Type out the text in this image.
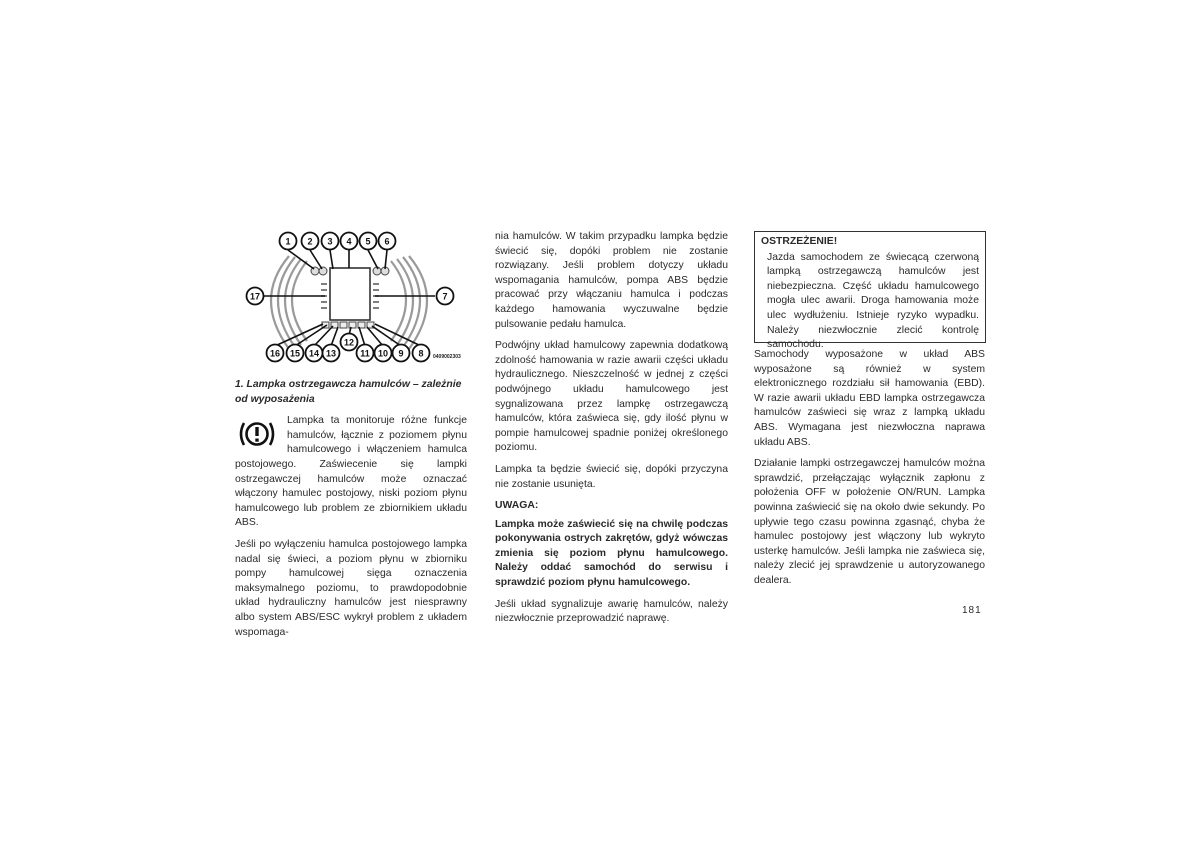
1 2 3 4 5 6
17	7
16 15 14 13
12
11 10 9 8 0409002303

1. Lampka ostrzegawcza hamulców – zależnie od wyposażenia

Lampka ta monitoruje różne funkcje hamulców, łącznie z poziomem płynu hamulcowego i włączeniem hamulca postojowego. Zaświecenie się lampki ostrzegawczej hamulców może oznaczać włączony hamulec postojowy, niski poziom płynu hamulcowego lub problem ze zbiornikiem układu ABS.

Jeśli po wyłączeniu hamulca postojowego lampka nadal się świeci, a poziom płynu w zbiorniku pompy hamulcowej sięga oznaczenia maksymalnego poziomu, to prawdopodobnie układ hydrauliczny hamulców jest niesprawny albo system ABS/ESC wykrył problem z układem wspomaga-

nia hamulców. W takim przypadku lampka będzie świecić się, dopóki problem nie zostanie rozwiązany. Jeśli problem dotyczy układu wspomagania hamulców, pompa ABS będzie pracować przy włączaniu hamulca i podczas każdego hamowania wyczuwalne będzie pulsowanie pedału hamulca.

Podwójny układ hamulcowy zapewnia dodatkową zdolność hamowania w razie awarii części układu hydraulicznego. Nieszczelność w jednej z części podwójnego układu hamulcowego jest sygnalizowana przez lampkę ostrzegawczą hamulców, która zaświeca się, gdy ilość płynu w pompie hamulcowej spadnie poniżej określonego poziomu.

Lampka ta będzie świecić się, dopóki przyczyna nie zostanie usunięta.

UWAGA:

Lampka może zaświecić się na chwilę podczas pokonywania ostrych zakrętów, gdyż wówczas zmienia się poziom płynu hamulcowego. Należy oddać samochód do serwisu i sprawdzić poziom płynu hamulcowego.

Jeśli układ sygnalizuje awarię hamulców, należy niezwłocznie przeprowadzić naprawę.

OSTRZEŻENIE!
Jazda samochodem ze świecącą czerwoną lampką ostrzegawczą hamulców jest niebezpieczna. Część układu hamulcowego mogła ulec awarii. Droga hamowania może ulec wydłużeniu. Istnieje ryzyko wypadku. Należy niezwłocznie zlecić kontrolę samochodu.

Samochody wyposażone w układ ABS wyposażone są również w system elektronicznego rozdziału sił hamowania (EBD). W razie awarii układu EBD lampka ostrzegawcza hamulców zaświeci się wraz z lampką układu ABS. Wymagana jest niezwłoczna naprawa układu ABS.

Działanie lampki ostrzegawczej hamulców można sprawdzić, przełączając wyłącznik zapłonu z położenia OFF w położenie ON/RUN. Lampka powinna zaświecić się na około dwie sekundy. Po upływie tego czasu powinna zgasnąć, chyba że hamulec postojowy jest włączony lub wykryto usterkę hamulców. Jeśli lampka nie zaświeca się, należy zlecić jej sprawdzenie u autoryzowanego dealera.

181
